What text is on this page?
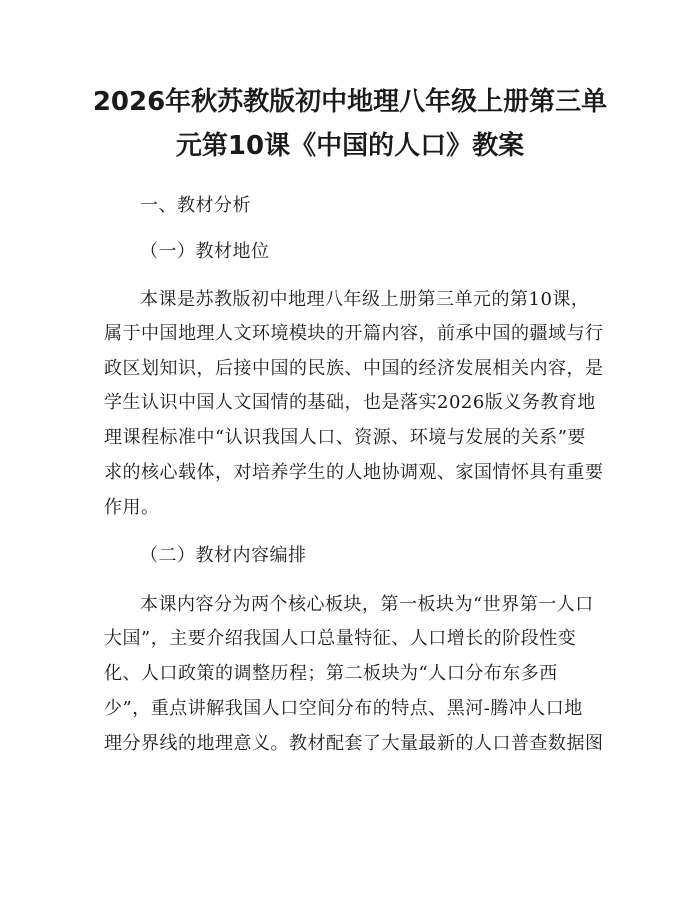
2026年秋苏教版初中地理八年级上册第三单
元第10课《中国的人口》教案

一、教材分析

（一）教材地位

本课是苏教版初中地理八年级上册第三单元的第10课，

属于中国地理人文环境模块的开篇内容，前承中国的疆域与行

政区划知识，后接中国的民族、中国的经济发展相关内容，是

学生认识中国人文国情的基础，也是落实2026版义务教育地

理课程标准中“认识我国人口、资源、环境与发展的关系”要

求的核心载体，对培养学生的人地协调观、家国情怀具有重要

作用。

（二）教材内容编排

本课内容分为两个核心板块，第一板块为“世界第一人口

大国”，主要介绍我国人口总量特征、人口增长的阶段性变

化、人口政策的调整历程；第二板块为“人口分布东多西

少”，重点讲解我国人口空间分布的特点、黑河-腾冲人口地

理分界线的地理意义。教材配套了大量最新的人口普查数据图
